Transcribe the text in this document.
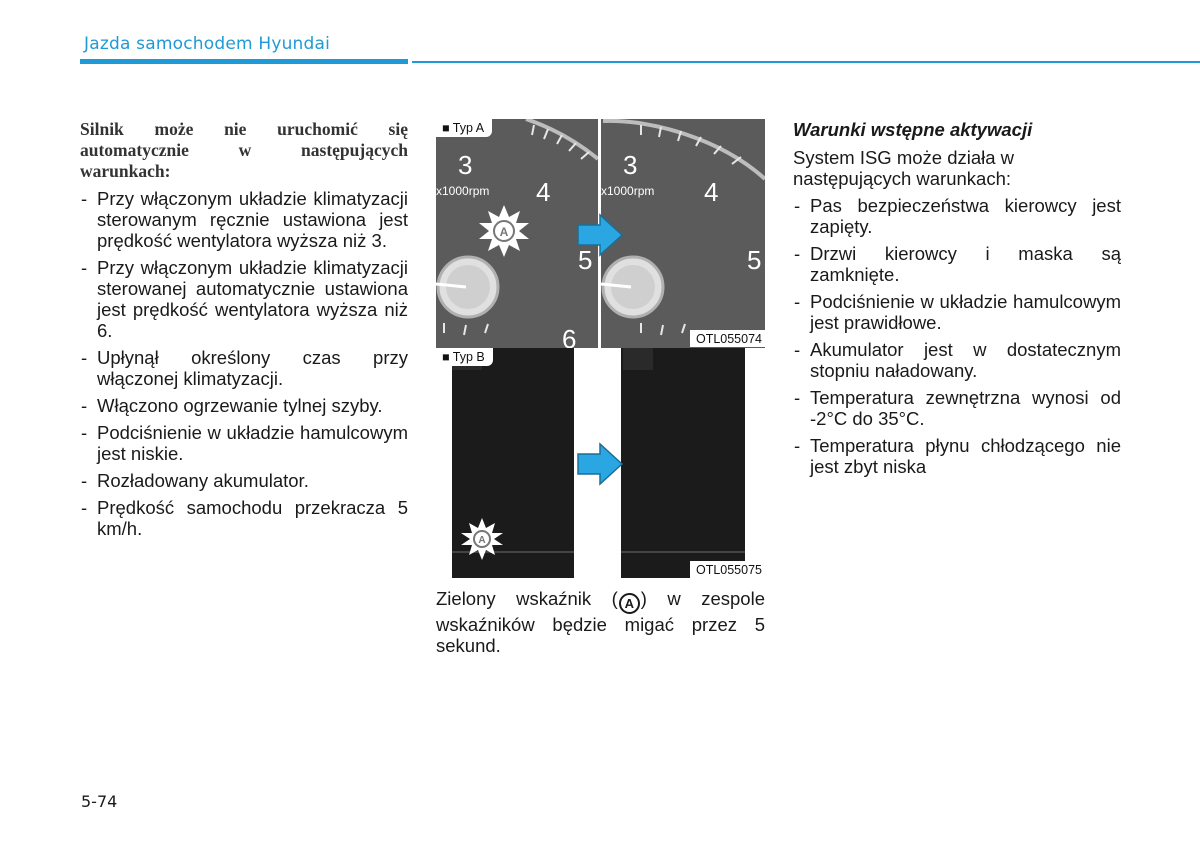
Jazda samochodem Hyundai
Silnik może nie uruchomić się automatycznie w następujących warunkach:
- Przy włączonym układzie klimatyzacji sterowanym ręcznie ustawiona jest prędkość wentylatora wyższa niż 3.
- Przy włączonym układzie klimatyzacji sterowanej automatycznie ustawiona jest prędkość wentylatora wyższa niż 6.
- Upłynął określony czas przy włączonej klimatyzacji.
- Włączono ogrzewanie tylnej szyby.
- Podciśnienie w układzie hamulcowym jest niskie.
- Rozładowany akumulator.
- Prędkość samochodu przekracza 5 km/h.
3
4
5
6
x1000rpm
A
3
4
5
x1000rpm
■ Typ A
OTL055074
A
■ Typ B
OTL055075
Zielony wskaźnik ( A ) w zespole wskaźników będzie migać przez 5 sekund.
Warunki wstępne aktywacji
System ISG może działa w następujących warunkach:
- Pas bezpieczeństwa kierowcy jest zapięty.
- Drzwi kierowcy i maska są zamknięte.
- Podciśnienie w układzie hamulcowym jest prawidłowe.
- Akumulator jest w dostatecznym stopniu naładowany.
- Temperatura zewnętrzna wynosi od -2°C do 35°C.
- Temperatura płynu chłodzącego nie jest zbyt niska
5-74
